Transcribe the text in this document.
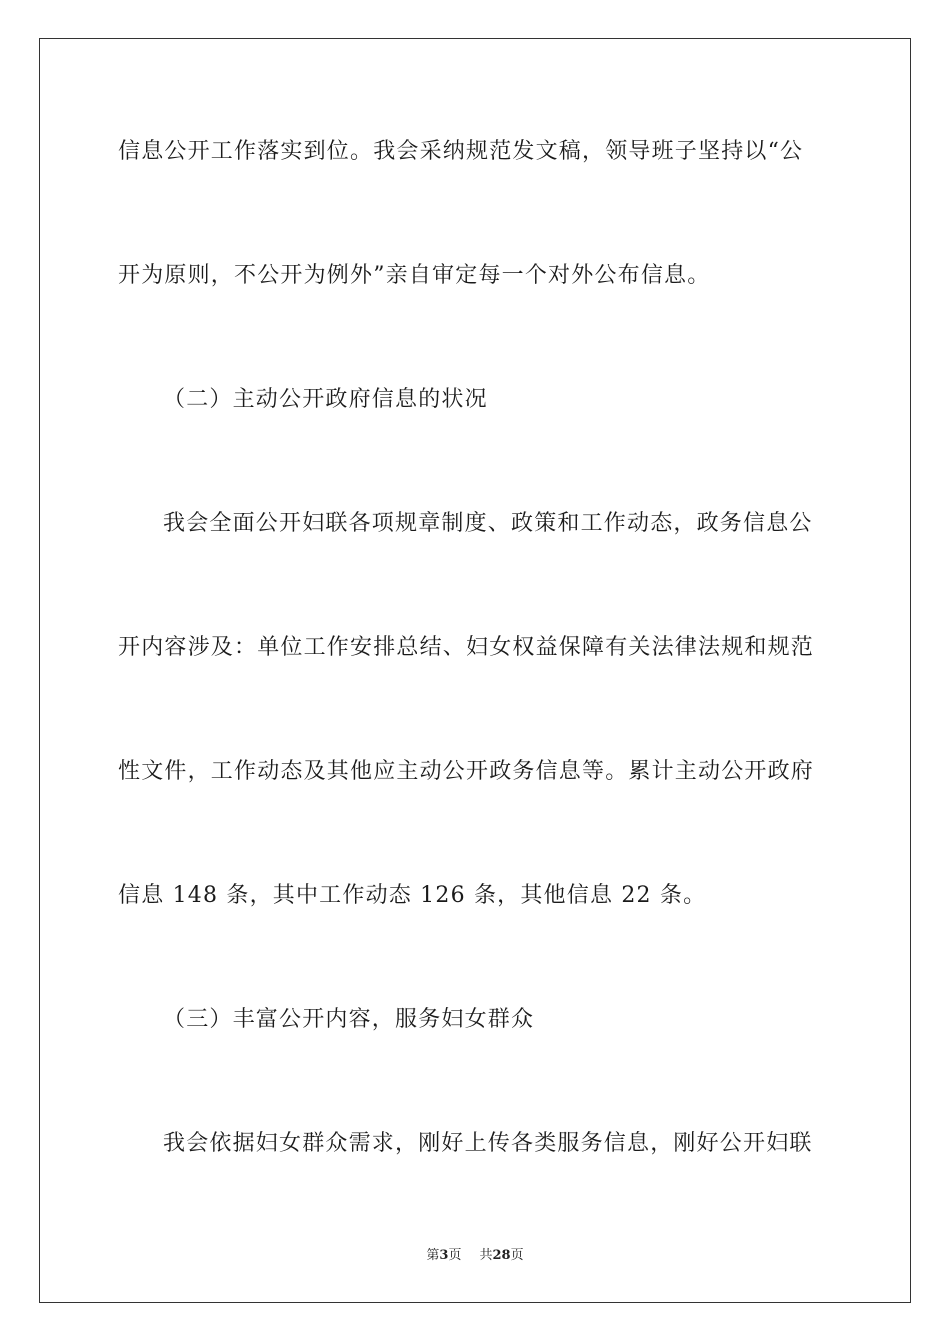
信息公开工作落实到位。我会采纳规范发文稿，领导班子坚持以“公
开为原则，不公开为例外”亲自审定每一个对外公布信息。
（二）主动公开政府信息的状况
我会全面公开妇联各项规章制度、政策和工作动态，政务信息公
开内容涉及：单位工作安排总结、妇女权益保障有关法律法规和规范
性文件，工作动态及其他应主动公开政务信息等。累计主动公开政府
信息 148 条，其中工作动态 126 条，其他信息 22 条。
（三）丰富公开内容，服务妇女群众
我会依据妇女群众需求，刚好上传各类服务信息，刚好公开妇联
第3页 共28页
